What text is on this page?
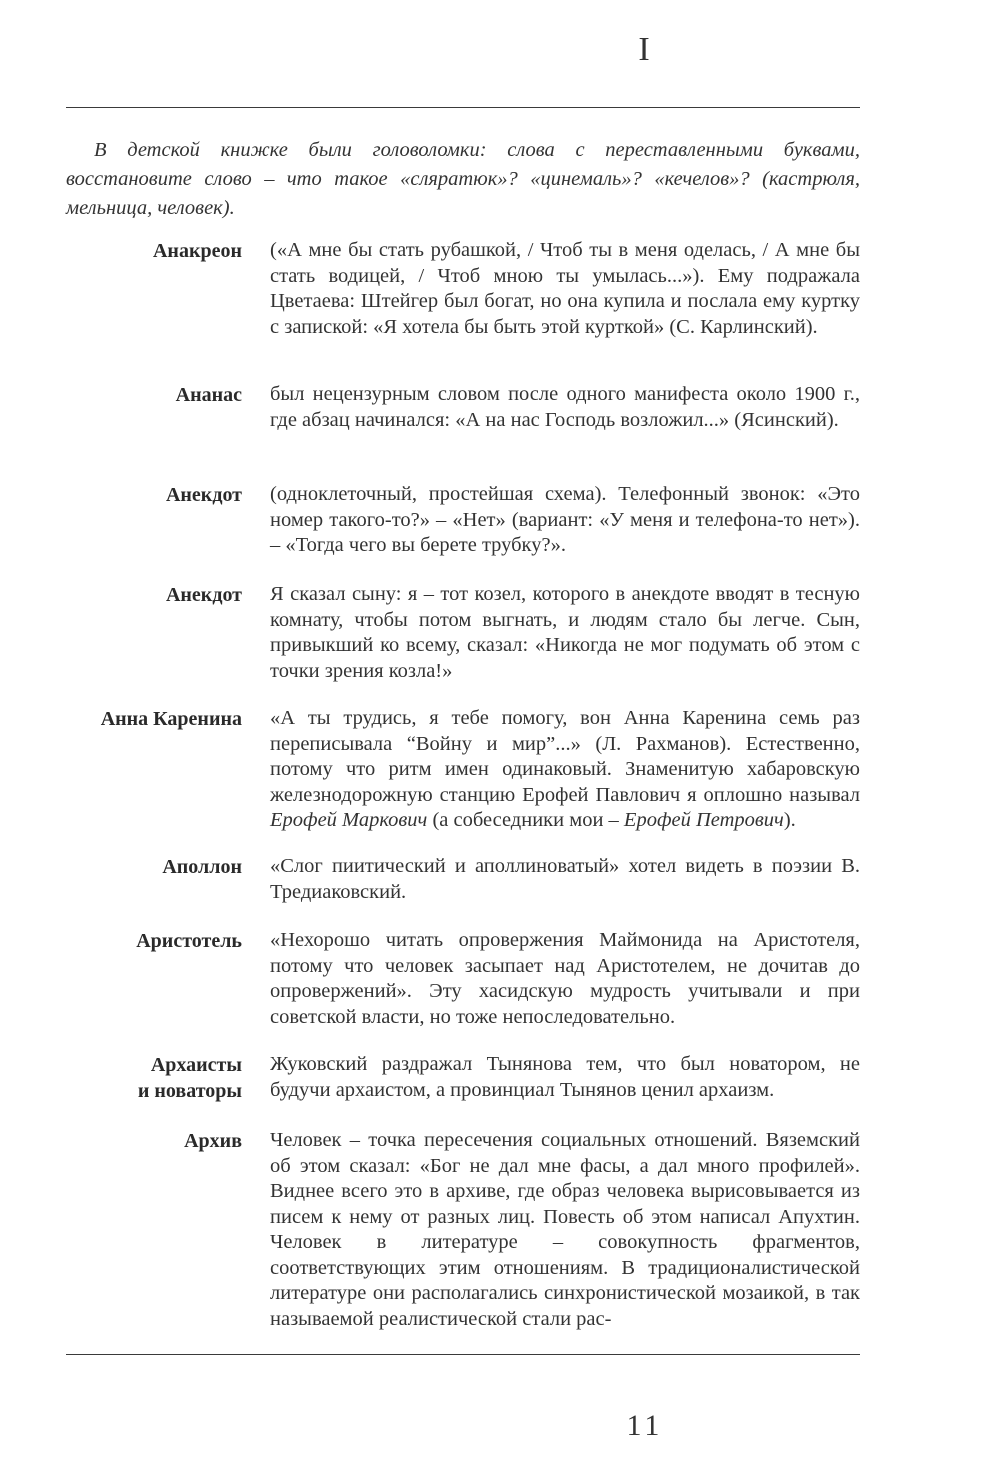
I

В детской книжке были головоломки: слова с переставленными буквами, восстановите слово – что такое «сляратюк»? «цинемаль»? «кечелов»? (кастрюля, мельница, человек).

Анакреон («А мне бы стать рубашкой, / Чтоб ты в меня оделась, / А мне бы стать водицей, / Чтоб мною ты умылась...»). Ему подражала Цветаева: Штейгер был богат, но она купила и послала ему куртку с запиской: «Я хотела бы быть этой курткой» (С. Карлинский).

Ананас был нецензурным словом после одного манифеста около 1900 г., где абзац начинался: «А на нас Господь возложил...» (Ясинский).

Анекдот (одноклеточный, простейшая схема). Телефонный звонок: «Это номер такого-то?» – «Нет» (вариант: «У меня и телефона-то нет»). – «Тогда чего вы берете трубку?».

Анекдот Я сказал сыну: я – тот козел, которого в анекдоте вводят в тесную комнату, чтобы потом выгнать, и людям стало бы легче. Сын, привыкший ко всему, сказал: «Никогда не мог подумать об этом с точки зрения козла!»

Анна Каренина «А ты трудись, я тебе помогу, вон Анна Каренина семь раз переписывала “Войну и мир”...» (Л. Рахманов). Естественно, потому что ритм имен одинаковый. Знаменитую хабаровскую железнодорожную станцию Ерофей Павлович я оплошно называл Ерофей Маркович (а собеседники мои – Ерофей Петрович).

Аполлон «Слог пиитический и аполлиноватый» хотел видеть в поэзии В. Тредиаковский.

Аристотель «Нехорошо читать опровержения Маймонида на Аристотеля, потому что человек засыпает над Аристотелем, не дочитав до опровержений». Эту хасидскую мудрость учитывали и при советской власти, но тоже непоследовательно.

Архаисты
и новаторы

Жуковский раздражал Тынянова тем, что был новатором, не будучи архаистом, а провинциал Тынянов ценил архаизм.

Архив Человек – точка пересечения социальных отношений. Вяземский об этом сказал: «Бог не дал мне фасы, а дал много профилей». Виднее всего это в архиве, где образ человека вырисовывается из писем к нему от разных лиц. Повесть об этом написал Апухтин. Человек в литературе – совокупность фрагментов, соответствующих этим отношениям. В традиционалистической литературе они располагались синхронистической мозаикой, в так называемой реалистической стали рас-

11
